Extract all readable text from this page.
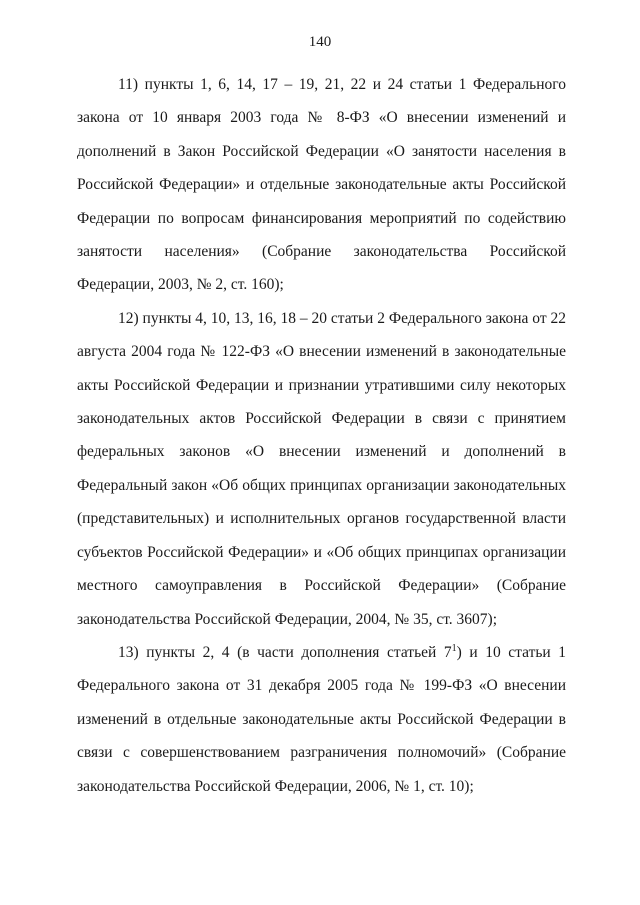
140

11) пункты 1, 6, 14, 17 – 19, 21, 22 и 24 статьи 1 Федерального закона от 10 января 2003 года № 8-ФЗ «О внесении изменений и дополнений в Закон Российской Федерации «О занятости населения в Российской Федерации» и отдельные законодательные акты Российской Федерации по вопросам финансирования мероприятий по содействию занятости населения» (Собрание законодательства Российской Федерации, 2003, № 2, ст. 160);

12) пункты 4, 10, 13, 16, 18 – 20 статьи 2 Федерального закона от 22 августа 2004 года № 122-ФЗ «О внесении изменений в законодательные акты Российской Федерации и признании утратившими силу некоторых законодательных актов Российской Федерации в связи с принятием федеральных законов «О внесении изменений и дополнений в Федеральный закон «Об общих принципах организации законодательных (представительных) и исполнительных органов государственной власти субъектов Российской Федерации» и «Об общих принципах организации местного самоуправления в Российской Федерации» (Собрание законодательства Российской Федерации, 2004, № 35, ст. 3607);

13) пункты 2, 4 (в части дополнения статьей $7^1$) и 10 статьи 1 Федерального закона от 31 декабря 2005 года № 199-ФЗ «О внесении изменений в отдельные законодательные акты Российской Федерации в связи с совершенствованием разграничения полномочий» (Собрание законодательства Российской Федерации, 2006, № 1, ст. 10);
